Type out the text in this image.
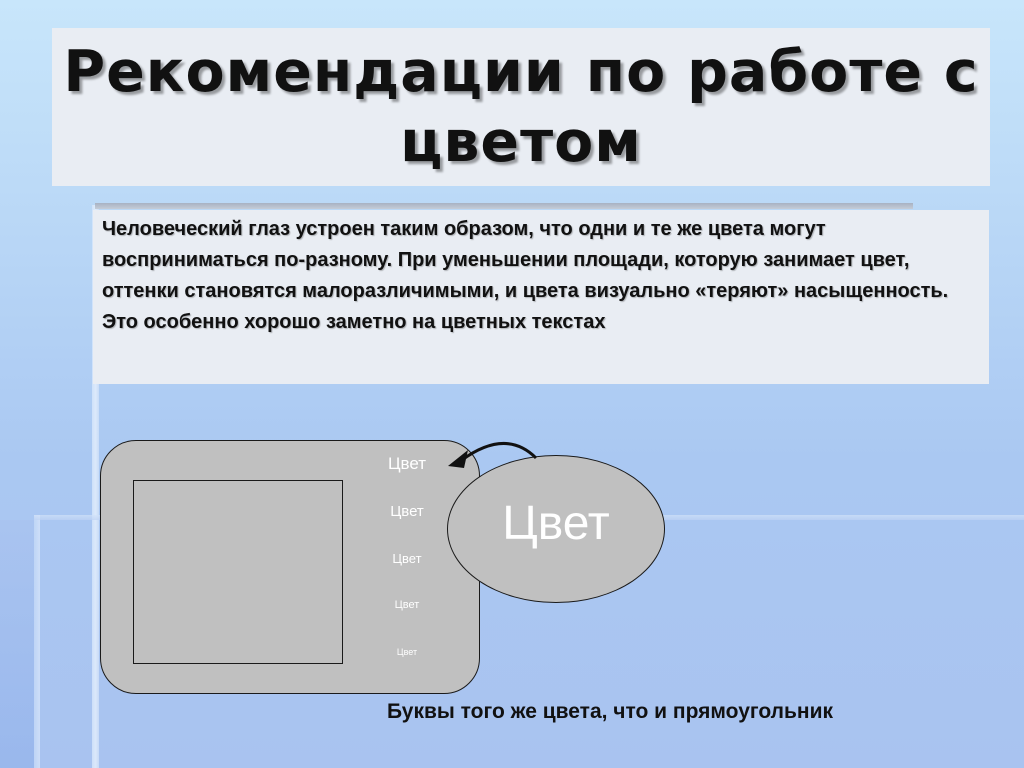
Рекомендации по работе с цветом
Человеческий глаз устроен таким образом, что одни и те же цвета могут восприниматься по-разному. При уменьшении площади, которую занимает цвет, оттенки становятся малоразличимыми, и цвета визуально «теряют» насыщенность. Это особенно хорошо заметно на цветных текстах
Цвет
Цвет
Цвет
Цвет
Цвет
Цвет
Буквы того же цвета, что и прямоугольник
